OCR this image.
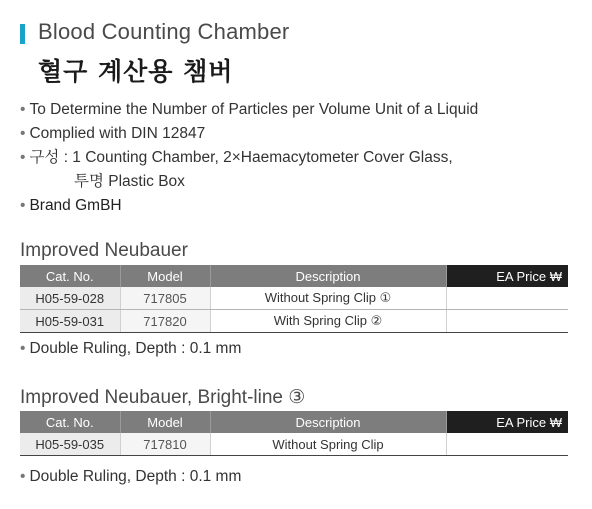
Blood Counting Chamber
혈구 계산용 챔버
• To Determine the Number of Particles per Volume Unit of a Liquid
• Complied with DIN 12847
• 구성 : 1 Counting Chamber, 2×Haemacytometer Cover Glass,
투명 Plastic Box
• Brand GmBH
Improved Neubauer
Cat. No.	Model	Description	EA Price ₩
H05-59-028	717805	Without Spring Clip ①	
H05-59-031	717820	With Spring Clip ②	
• Double Ruling, Depth : 0.1 mm
Improved Neubauer, Bright-line ③
Cat. No.	Model	Description	EA Price ₩
H05-59-035	717810	Without Spring Clip	
• Double Ruling, Depth : 0.1 mm
